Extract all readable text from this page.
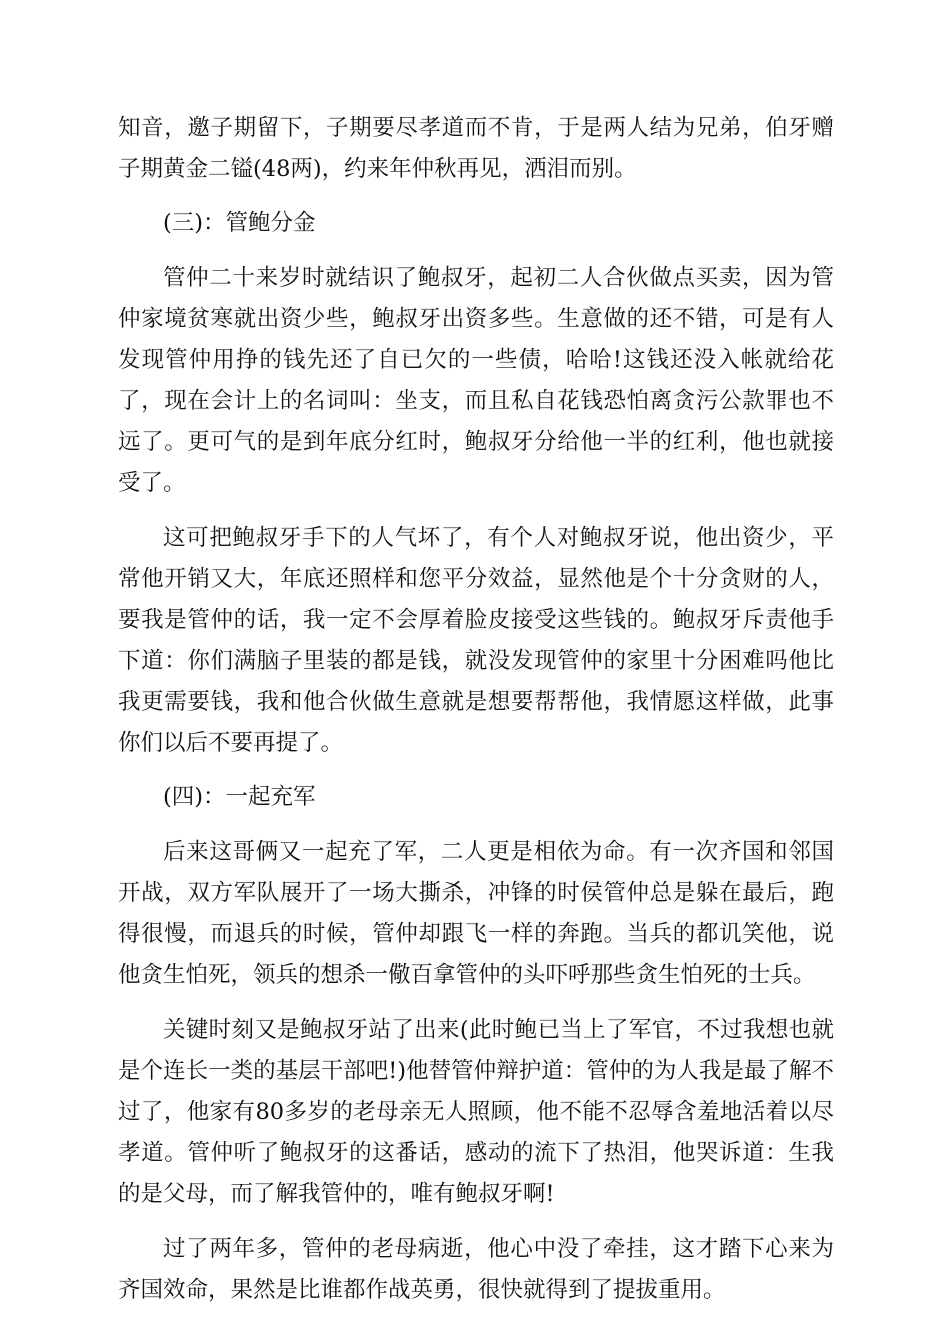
知音，邀子期留下，子期要尽孝道而不肯，于是两人结为兄弟，伯牙赠子期黄金二镒(48两)，约来年仲秋再见，洒泪而别。

(三)：管鲍分金

管仲二十来岁时就结识了鲍叔牙，起初二人合伙做点买卖，因为管仲家境贫寒就出资少些，鲍叔牙出资多些。生意做的还不错，可是有人发现管仲用挣的钱先还了自已欠的一些债，哈哈!这钱还没入帐就给花了，现在会计上的名词叫：坐支，而且私自花钱恐怕离贪污公款罪也不远了。更可气的是到年底分红时，鲍叔牙分给他一半的红利，他也就接受了。

这可把鲍叔牙手下的人气坏了，有个人对鲍叔牙说，他出资少，平常他开销又大，年底还照样和您平分效益，显然他是个十分贪财的人，要我是管仲的话，我一定不会厚着脸皮接受这些钱的。鲍叔牙斥责他手下道：你们满脑子里装的都是钱，就没发现管仲的家里十分困难吗他比我更需要钱，我和他合伙做生意就是想要帮帮他，我情愿这样做，此事你们以后不要再提了。

(四)：一起充军

后来这哥俩又一起充了军，二人更是相依为命。有一次齐国和邻国开战，双方军队展开了一场大撕杀，冲锋的时侯管仲总是躲在最后，跑得很慢，而退兵的时候，管仲却跟飞一样的奔跑。当兵的都讥笑他，说他贪生怕死，领兵的想杀一儆百拿管仲的头吓呼那些贪生怕死的士兵。

关键时刻又是鲍叔牙站了出来(此时鲍已当上了军官，不过我想也就是个连长一类的基层干部吧!)他替管仲辩护道：管仲的为人我是最了解不过了，他家有80多岁的老母亲无人照顾，他不能不忍辱含羞地活着以尽孝道。管仲听了鲍叔牙的这番话，感动的流下了热泪，他哭诉道：生我的是父母，而了解我管仲的，唯有鲍叔牙啊!

过了两年多，管仲的老母病逝，他心中没了牵挂，这才踏下心来为齐国效命，果然是比谁都作战英勇，很快就得到了提拔重用。
